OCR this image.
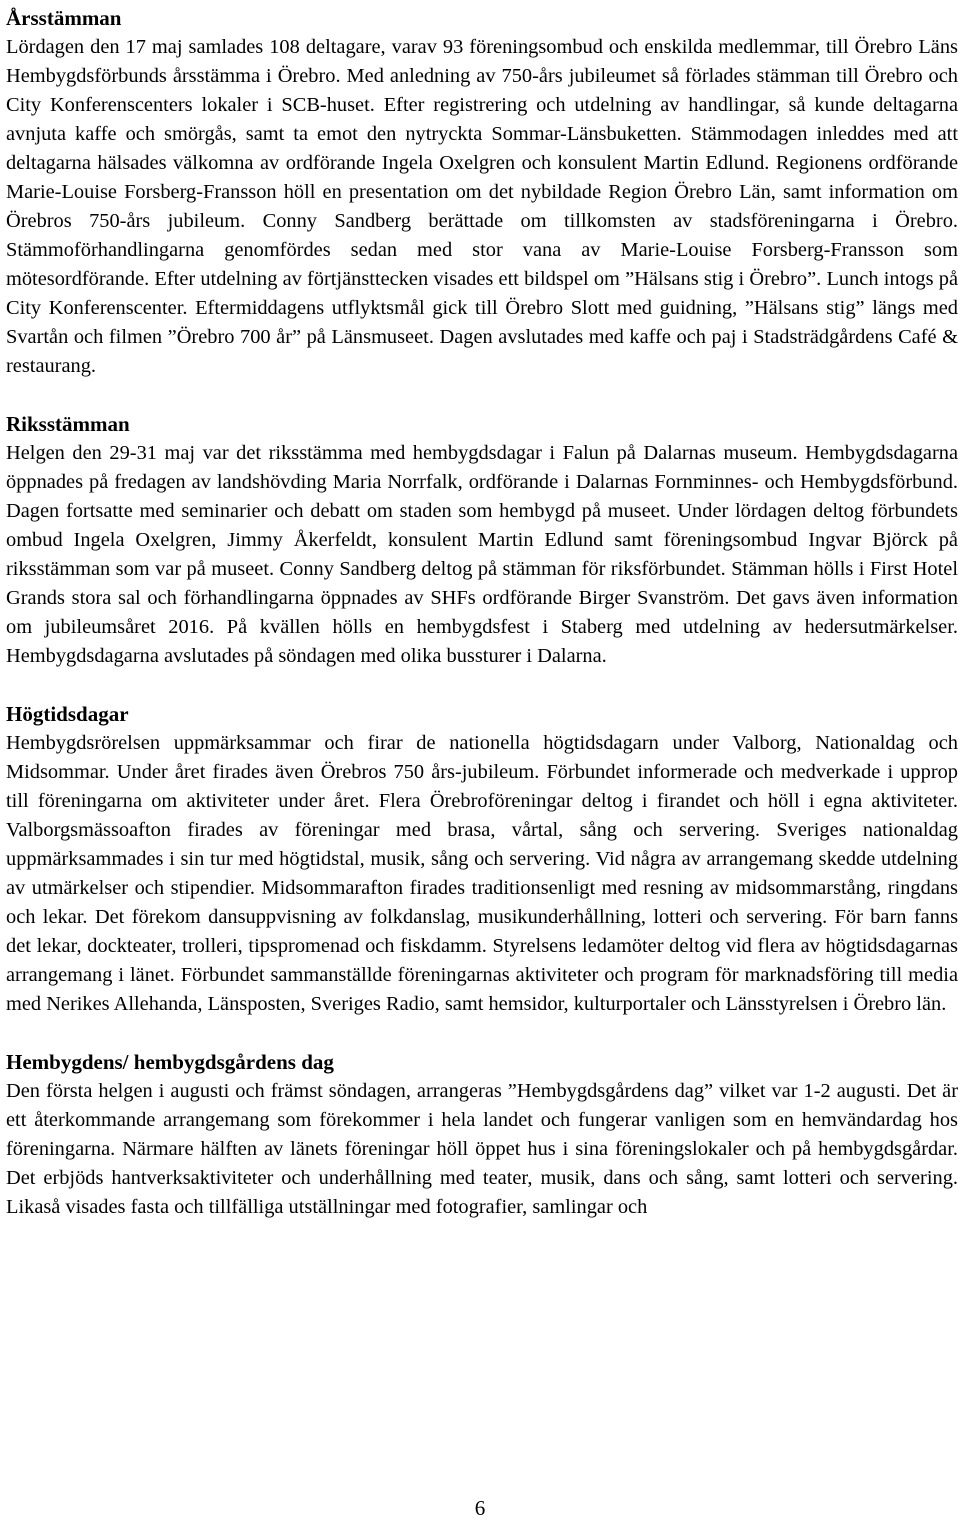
Årsstämman

Lördagen den 17 maj samlades 108 deltagare, varav 93 föreningsombud och enskilda medlemmar, till Örebro Läns Hembygdsförbunds årsstämma i Örebro. Med anledning av 750-års jubileumet så förlades stämman till Örebro och City Konferenscenters lokaler i SCB-huset. Efter registrering och utdelning av handlingar, så kunde deltagarna avnjuta kaffe och smörgås, samt ta emot den nytryckta Sommar-Länsbuketten. Stämmodagen inleddes med att deltagarna hälsades välkomna av ordförande Ingela Oxelgren och konsulent Martin Edlund. Regionens ordförande Marie-Louise Forsberg-Fransson höll en presentation om det nybildade Region Örebro Län, samt information om Örebros 750-års jubileum. Conny Sandberg berättade om tillkomsten av stadsföreningarna i Örebro. Stämmoförhandlingarna genomfördes sedan med stor vana av Marie-Louise Forsberg-Fransson som mötesordförande. Efter utdelning av förtjänsttecken visades ett bildspel om ”Hälsans stig i Örebro”. Lunch intogs på City Konferenscenter. Eftermiddagens utflyktsmål gick till Örebro Slott med guidning, ”Hälsans stig” längs med Svartån och filmen ”Örebro 700 år” på Länsmuseet. Dagen avslutades med kaffe och paj i Stadsträdgårdens Café & restaurang.

Riksstämman

Helgen den 29-31 maj var det riksstämma med hembygdsdagar i Falun på Dalarnas museum. Hembygdsdagarna öppnades på fredagen av landshövding Maria Norrfalk, ordförande i Dalarnas Fornminnes- och Hembygdsförbund. Dagen fortsatte med seminarier och debatt om staden som hembygd på museet. Under lördagen deltog förbundets ombud Ingela Oxelgren, Jimmy Åkerfeldt, konsulent Martin Edlund samt föreningsombud Ingvar Björck på riksstämman som var på museet. Conny Sandberg deltog på stämman för riksförbundet. Stämman hölls i First Hotel Grands stora sal och förhandlingarna öppnades av SHFs ordförande Birger Svanström. Det gavs även information om jubileumsåret 2016. På kvällen hölls en hembygdsfest i Staberg med utdelning av hedersutmärkelser. Hembygdsdagarna avslutades på söndagen med olika bussturer i Dalarna.

Högtidsdagar

Hembygdsrörelsen uppmärksammar och firar de nationella högtidsdagarn under Valborg, Nationaldag och Midsommar. Under året firades även Örebros 750 års-jubileum. Förbundet informerade och medverkade i upprop till föreningarna om aktiviteter under året. Flera Örebroföreningar deltog i firandet och höll i egna aktiviteter. Valborgsmässoafton firades av föreningar med brasa, vårtal, sång och servering. Sveriges nationaldag uppmärksammades i sin tur med högtidstal, musik, sång och servering. Vid några av arrangemang skedde utdelning av utmärkelser och stipendier. Midsommarafton firades traditionsenligt med resning av midsommarstång, ringdans och lekar. Det förekom dansuppvisning av folkdanslag, musikunderhållning, lotteri och servering. För barn fanns det lekar, dockteater, trolleri, tipspromenad och fiskdamm. Styrelsens ledamöter deltog vid flera av högtidsdagarnas arrangemang i länet. Förbundet sammanställde föreningarnas aktiviteter och program för marknadsföring till media med Nerikes Allehanda, Länsposten, Sveriges Radio, samt hemsidor, kulturportaler och Länsstyrelsen i Örebro län.

Hembygdens/ hembygdsgårdens dag

Den första helgen i augusti och främst söndagen, arrangeras ”Hembygdsgårdens dag” vilket var 1-2 augusti. Det är ett återkommande arrangemang som förekommer i hela landet och fungerar vanligen som en hemvändardag hos föreningarna. Närmare hälften av länets föreningar höll öppet hus i sina föreningslokaler och på hembygdsgårdar. Det erbjöds hantverksaktiviteter och underhållning med teater, musik, dans och sång, samt lotteri och servering. Likaså visades fasta och tillfälliga utställningar med fotografier, samlingar och

6
